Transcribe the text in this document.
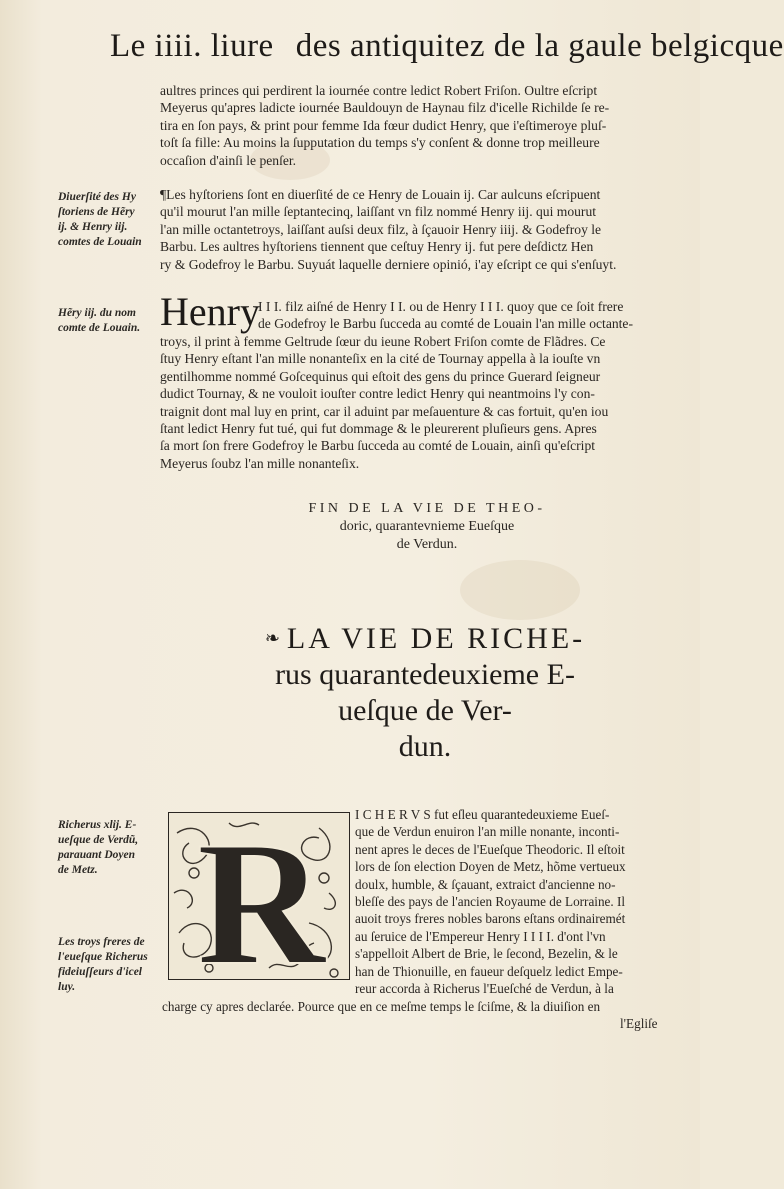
Le iiii. liure des antiquitez de la gaule belgicque
aultres princes qui perdirent la iournée contre ledict Robert Friſon. Oultre eſcript
Meyerus qu'apres ladicte iournée Bauldouyn de Haynau filz d'icelle Richilde ſe re-
tira en ſon pays, & print pour femme Ida fœur dudict Henry, que i'eſtimeroye pluſ-
toſt ſa fille: Au moins la ſupputation du temps s'y conſent & donne trop meilleure
occaſion d'ainſi le penſer.
Diuerſité des Hy
ſtoriens de Hẽry
ij. & Henry iij.
comtes de Louain
¶Les hyſtoriens ſont en diuerſité de ce Henry de Louain ij. Car aulcuns eſcripuent
qu'il mourut l'an mille ſeptantecinq, laiſſant vn filz nommé Henry iij. qui mourut
l'an mille octantetroys, laiſſant auſsi deux filz, à ſçauoir Henry iiij. & Godefroy le
Barbu. Les aultres hyſtoriens tiennent que ceſtuy Henry ij. fut pere deſdictz Hen
ry & Godefroy le Barbu. Suyuát laquelle derniere opinió, i'ay eſcript ce qui s'enſuyt.
Hẽry iij. du nom
comte de Louain. Henry
I I I. filz aiſné de Henry I I. ou de Henry I I I. quoy que ce ſoit frere
de Godefroy le Barbu ſucceda au comté de Louain l'an mille octante-
troys, il print à femme Geltrude ſœur du ieune Robert Friſon comte de Flãdres. Ce
ſtuy Henry eſtant l'an mille nonanteſix en la cité de Tournay appella à la iouſte vn
gentilhomme nommé Goſcequinus qui eſtoit des gens du prince Guerard ſeigneur
dudict Tournay, & ne vouloit iouſter contre ledict Henry qui neantmoins l'y con-
traignit dont mal luy en print, car il aduint par meſauenture & cas fortuit, qu'en iou
ſtant ledict Henry fut tué, qui fut dommage & le pleurerent pluſieurs gens. Apres
ſa mort ſon frere Godefroy le Barbu ſucceda au comté de Louain, ainſi qu'eſcript
Meyerus ſoubz l'an mille nonanteſix.
FIN DE LA VIE DE THEO-
doric, quarantevnieme Eueſque
de Verdun.
❧ LA VIE DE RICHE-
rus quarantedeuxieme E-
ueſque de Ver-
dun.
Richerus xlij. E-
ueſque de Verdũ,
parauant Doyen
de Metz.
Les troys freres de
l'eueſque Richerus
fideiuſſeurs d'icel
luy. R I C H E R V S fut eſleu quarantedeuxieme Eueſ-
que de Verdun enuiron l'an mille nonante, inconti-
nent apres le deces de l'Eueſque Theodoric. Il eſtoit
lors de ſon election Doyen de Metz, hõme vertueux
doulx, humble, & ſçauant, extraict d'ancienne no-
bleſſe des pays de l'ancien Royaume de Lorraine. Il
auoit troys freres nobles barons eſtans ordinairemét
au ſeruice de l'Empereur Henry I I I I. d'ont l'vn
s'appelloit Albert de Brie, le ſecond, Bezelin, & le
han de Thionuille, en faueur deſquelz ledict Empe-
reur accorda à Richerus l'Eueſché de Verdun, à la
charge cy apres declarée. Pource que en ce meſme temps le ſciſme, & la diuiſion en
l'Egliſe
